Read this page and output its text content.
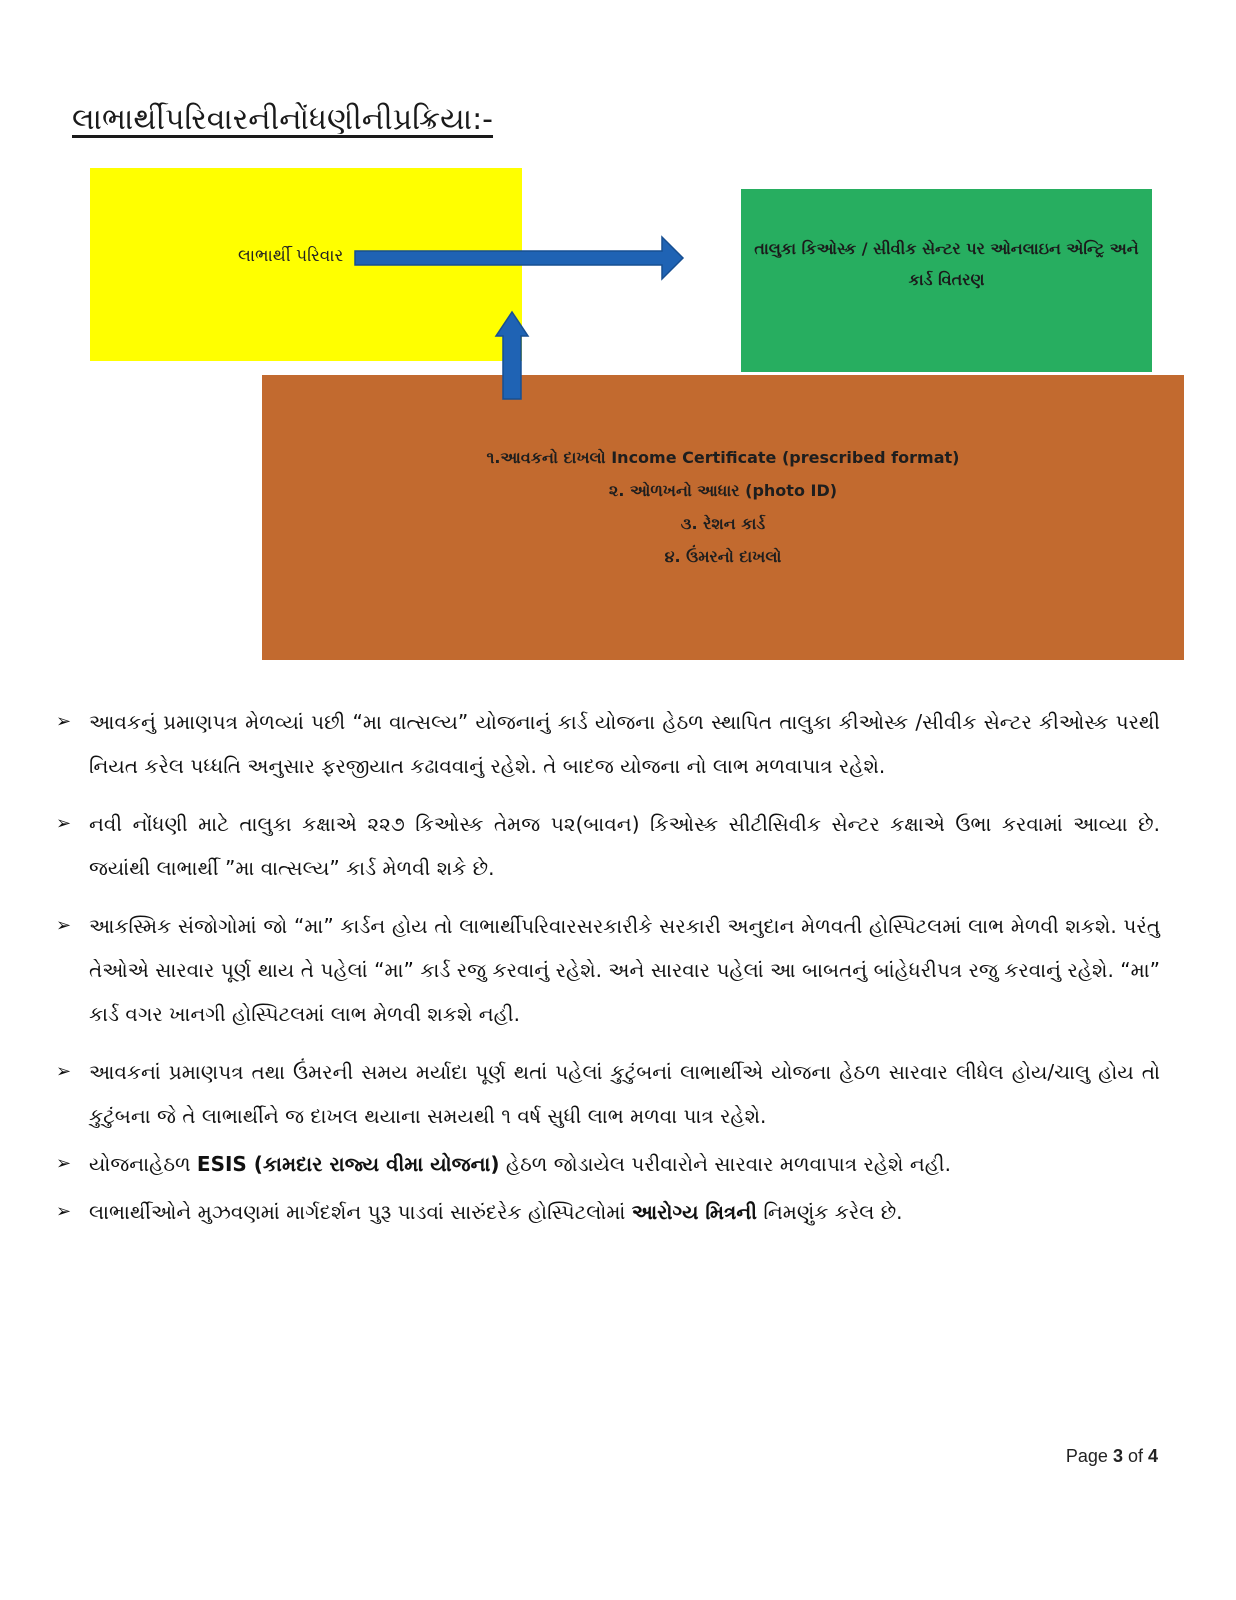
લાભાર્થીપરિવારનીનોંધણીનીપ્રક્રિયા:-
લાભાર્થી પરિવાર	તાલુકા કિઓસ્ક / સીવીક સેન્ટર પર ઓનલાઇન એન્ટ્રિ અને કાર્ડ વિતરણ
૧.આવકનો દાખલો Income Certificate (prescribed format)
૨. ઓળખનો આધાર (photo ID)
૩. રેશન કાર્ડ
૪. ઉંમરનો દાખલો
➢ આવકનું પ્રમાણપત્ર મેળવ્યાં પછી “મા વાત્સલ્ય” યોજનાનું કાર્ડ યોજના હેઠળ સ્થાપિત તાલુકા કીઓસ્ક /સીવીક સેન્ટર કીઓસ્ક પરથી નિયત કરેલ પધ્ધતિ અનુસાર ફરજીયાત કઢાવવાનું રહેશે. તે બાદજ યોજના નો લાભ મળવાપાત્ર રહેશે.
➢ નવી નોંધણી માટે તાલુકા કક્ષાએ ૨૨૭ કિઓસ્ક તેમજ ૫૨(બાવન) કિઓસ્ક સીટીસિવીક સેન્ટર કક્ષાએ ઉભા કરવામાં આવ્યા છે. જયાંથી લાભાર્થી ”મા વાત્સલ્ય” કાર્ડ મેળવી શકે છે.
➢ આકસ્મિક સંજોગોમાં જો “મા” કાર્ડન હોય તો લાભાર્થીપરિવારસરકારીકે સરકારી અનુદાન મેળવતી હોસ્પિટલમાં લાભ મેળવી શકશે. પરંતુ તેઓએ સારવાર પૂર્ણ થાય તે પહેલાં “મા” કાર્ડ રજુ કરવાનું રહેશે. અને સારવાર પહેલાં આ બાબતનું બાંહેધરીપત્ર રજુ કરવાનું રહેશે. “મા” કાર્ડ વગર ખાનગી હોસ્પિટલમાં લાભ મેળવી શકશે નહી.
➢ આવકનાં પ્રમાણપત્ર તથા ઉંમરની સમય મર્યાદા પૂર્ણ થતાં પહેલાં કુટુંબનાં લાભાર્થીએ યોજના હેઠળ સારવાર લીધેલ હોય/ચાલુ હોય તો કુટુંબના જે તે લાભાર્થીને જ દાખલ થયાના સમયથી ૧ વર્ષ સુધી લાભ મળવા પાત્ર રહેશે.
➢ યોજનાહેઠળ ESIS (કામદાર રાજ્ય વીમા યોજના) હેઠળ જોડાયેલ પરીવારોને સારવાર મળવાપાત્ર રહેશે નહી.
➢ લાભાર્થીઓને મુઝવણમાં માર્ગદર્શન પુરૂ પાડવાં સારુંદરેક હોસ્પિટલોમાં આરોગ્ય મિત્રની નિમણુંક કરેલ છે.
Page 3 of 4
